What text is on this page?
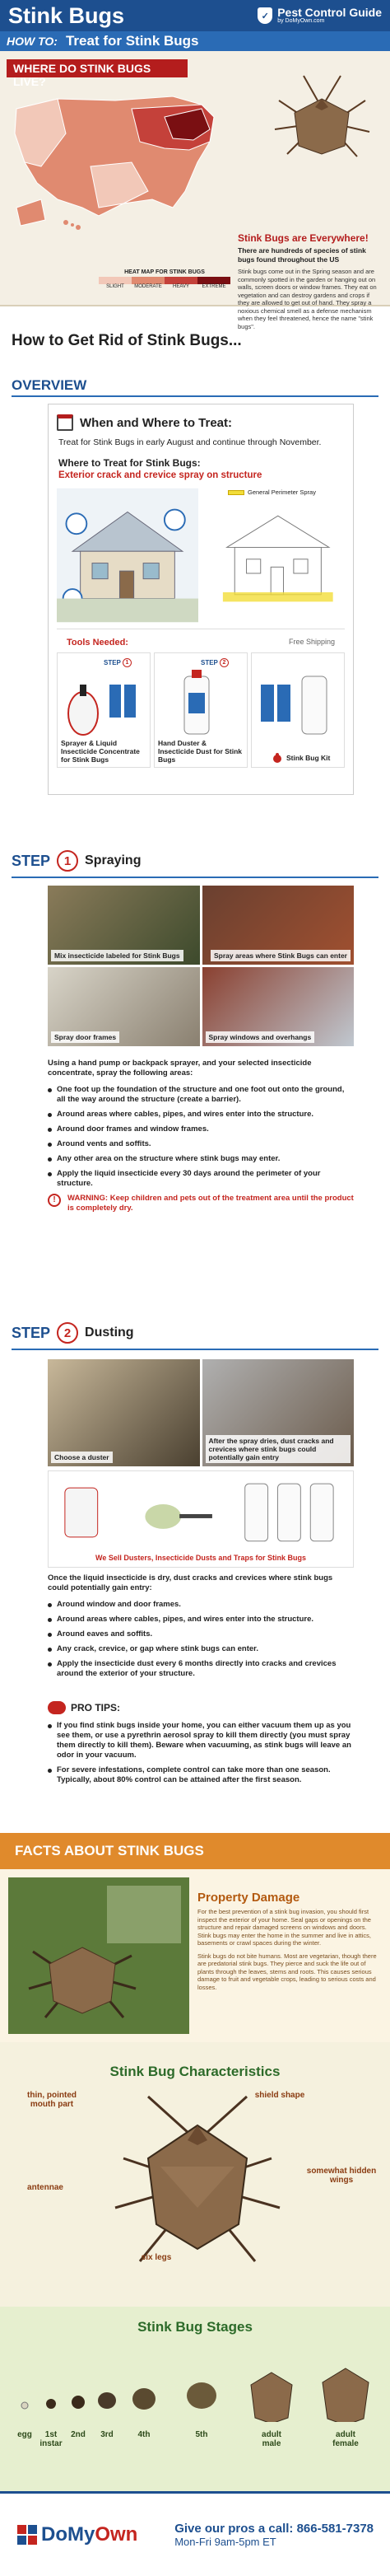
Stink Bugs	✓ Pest Control Guide
by DoMyOwn.com
HOW TO: Treat for Stink Bugs
WHERE DO STINK BUGS LIVE?
HEAT MAP FOR STINK BUGS
SLIGHT	MODERATE	HEAVY	EXTREME
Stink Bugs are Everywhere!
There are hundreds of species of stink bugs found throughout the US
Stink bugs come out in the Spring season and are commonly spotted in the garden or hanging out on walls, screen doors or window frames. They eat on vegetation and can destroy gardens and crops if they are allowed to get out of hand. They spray a noxious chemical smell as a defense mechanism when they feel threatened, hence the name "stink bugs".
How to Get Rid of Stink Bugs...
OVERVIEW
When and Where to Treat:
Treat for Stink Bugs in early August and continue through November.
Where to Treat for Stink Bugs:
Exterior crack and crevice spray on structure
General Perimeter Spray
Tools Needed:	Free Shipping
STEP 1
Sprayer & Liquid Insecticide Concentrate for Stink Bugs
STEP 2
Hand Duster & Insecticide Dust for Stink Bugs	Stink Bug Kit
STEP	1	Spraying
Mix insecticide labeled for Stink Bugs	Spray areas where Stink Bugs can enter
Spray door frames	Spray windows and overhangs
Using a hand pump or backpack sprayer, and your selected insecticide concentrate, spray the following areas:
One foot up the foundation of the structure and one foot out onto the ground, all the way around the structure (create a barrier).
Around areas where cables, pipes, and wires enter into the structure.
Around door frames and window frames.
Around vents and soffits.
Any other area on the structure where stink bugs may enter.
Apply the liquid insecticide every 30 days around the perimeter of your structure.
!	WARNING: Keep children and pets out of the treatment area until the product is completely dry.
STEP	2	Dusting
Choose a duster
After the spray dries, dust cracks and crevices where stink bugs could potentially gain entry
We Sell Dusters, Insecticide Dusts and Traps for Stink Bugs
Once the liquid insecticide is dry, dust cracks and crevices where stink bugs could potentially gain entry:
Around window and door frames.
Around areas where cables, pipes, and wires enter into the structure.
Around eaves and soffits.
Any crack, crevice, or gap where stink bugs can enter.
Apply the insecticide dust every 6 months directly into cracks and crevices around the exterior of your structure.
PRO TIPS:
If you find stink bugs inside your home, you can either vacuum them up as you see them, or use a pyrethrin aerosol spray to kill them directly (you must spray them directly to kill them). Beware when vacuuming, as stink bugs will leave an odor in your vacuum.
For severe infestations, complete control can take more than one season. Typically, about 80% control can be attained after the first season.
FACTS ABOUT STINK BUGS
Property Damage

For the best prevention of a stink bug invasion, you should first inspect the exterior of your home. Seal gaps or openings on the structure and repair damaged screens on windows and doors. Stink bugs may enter the home in the summer and live in attics, basements or crawl spaces during the winter.

Stink bugs do not bite humans. Most are vegetarian, though there are predatorial stink bugs. They pierce and suck the life out of plants through the leaves, stems and roots. This causes serious damage to fruit and vegetable crops, leading to serious costs and losses.

Stink Bug Characteristics
thin, pointed mouth part
shield shape
antennae
somewhat hidden wings
six legs
Stink Bug Stages
egg	1st instar
2nd	3rd	4th	5th	adult male
adult female
DoMyOwn	Give our pros a call: 866-581-7378
Mon-Fri 9am-5pm ET
